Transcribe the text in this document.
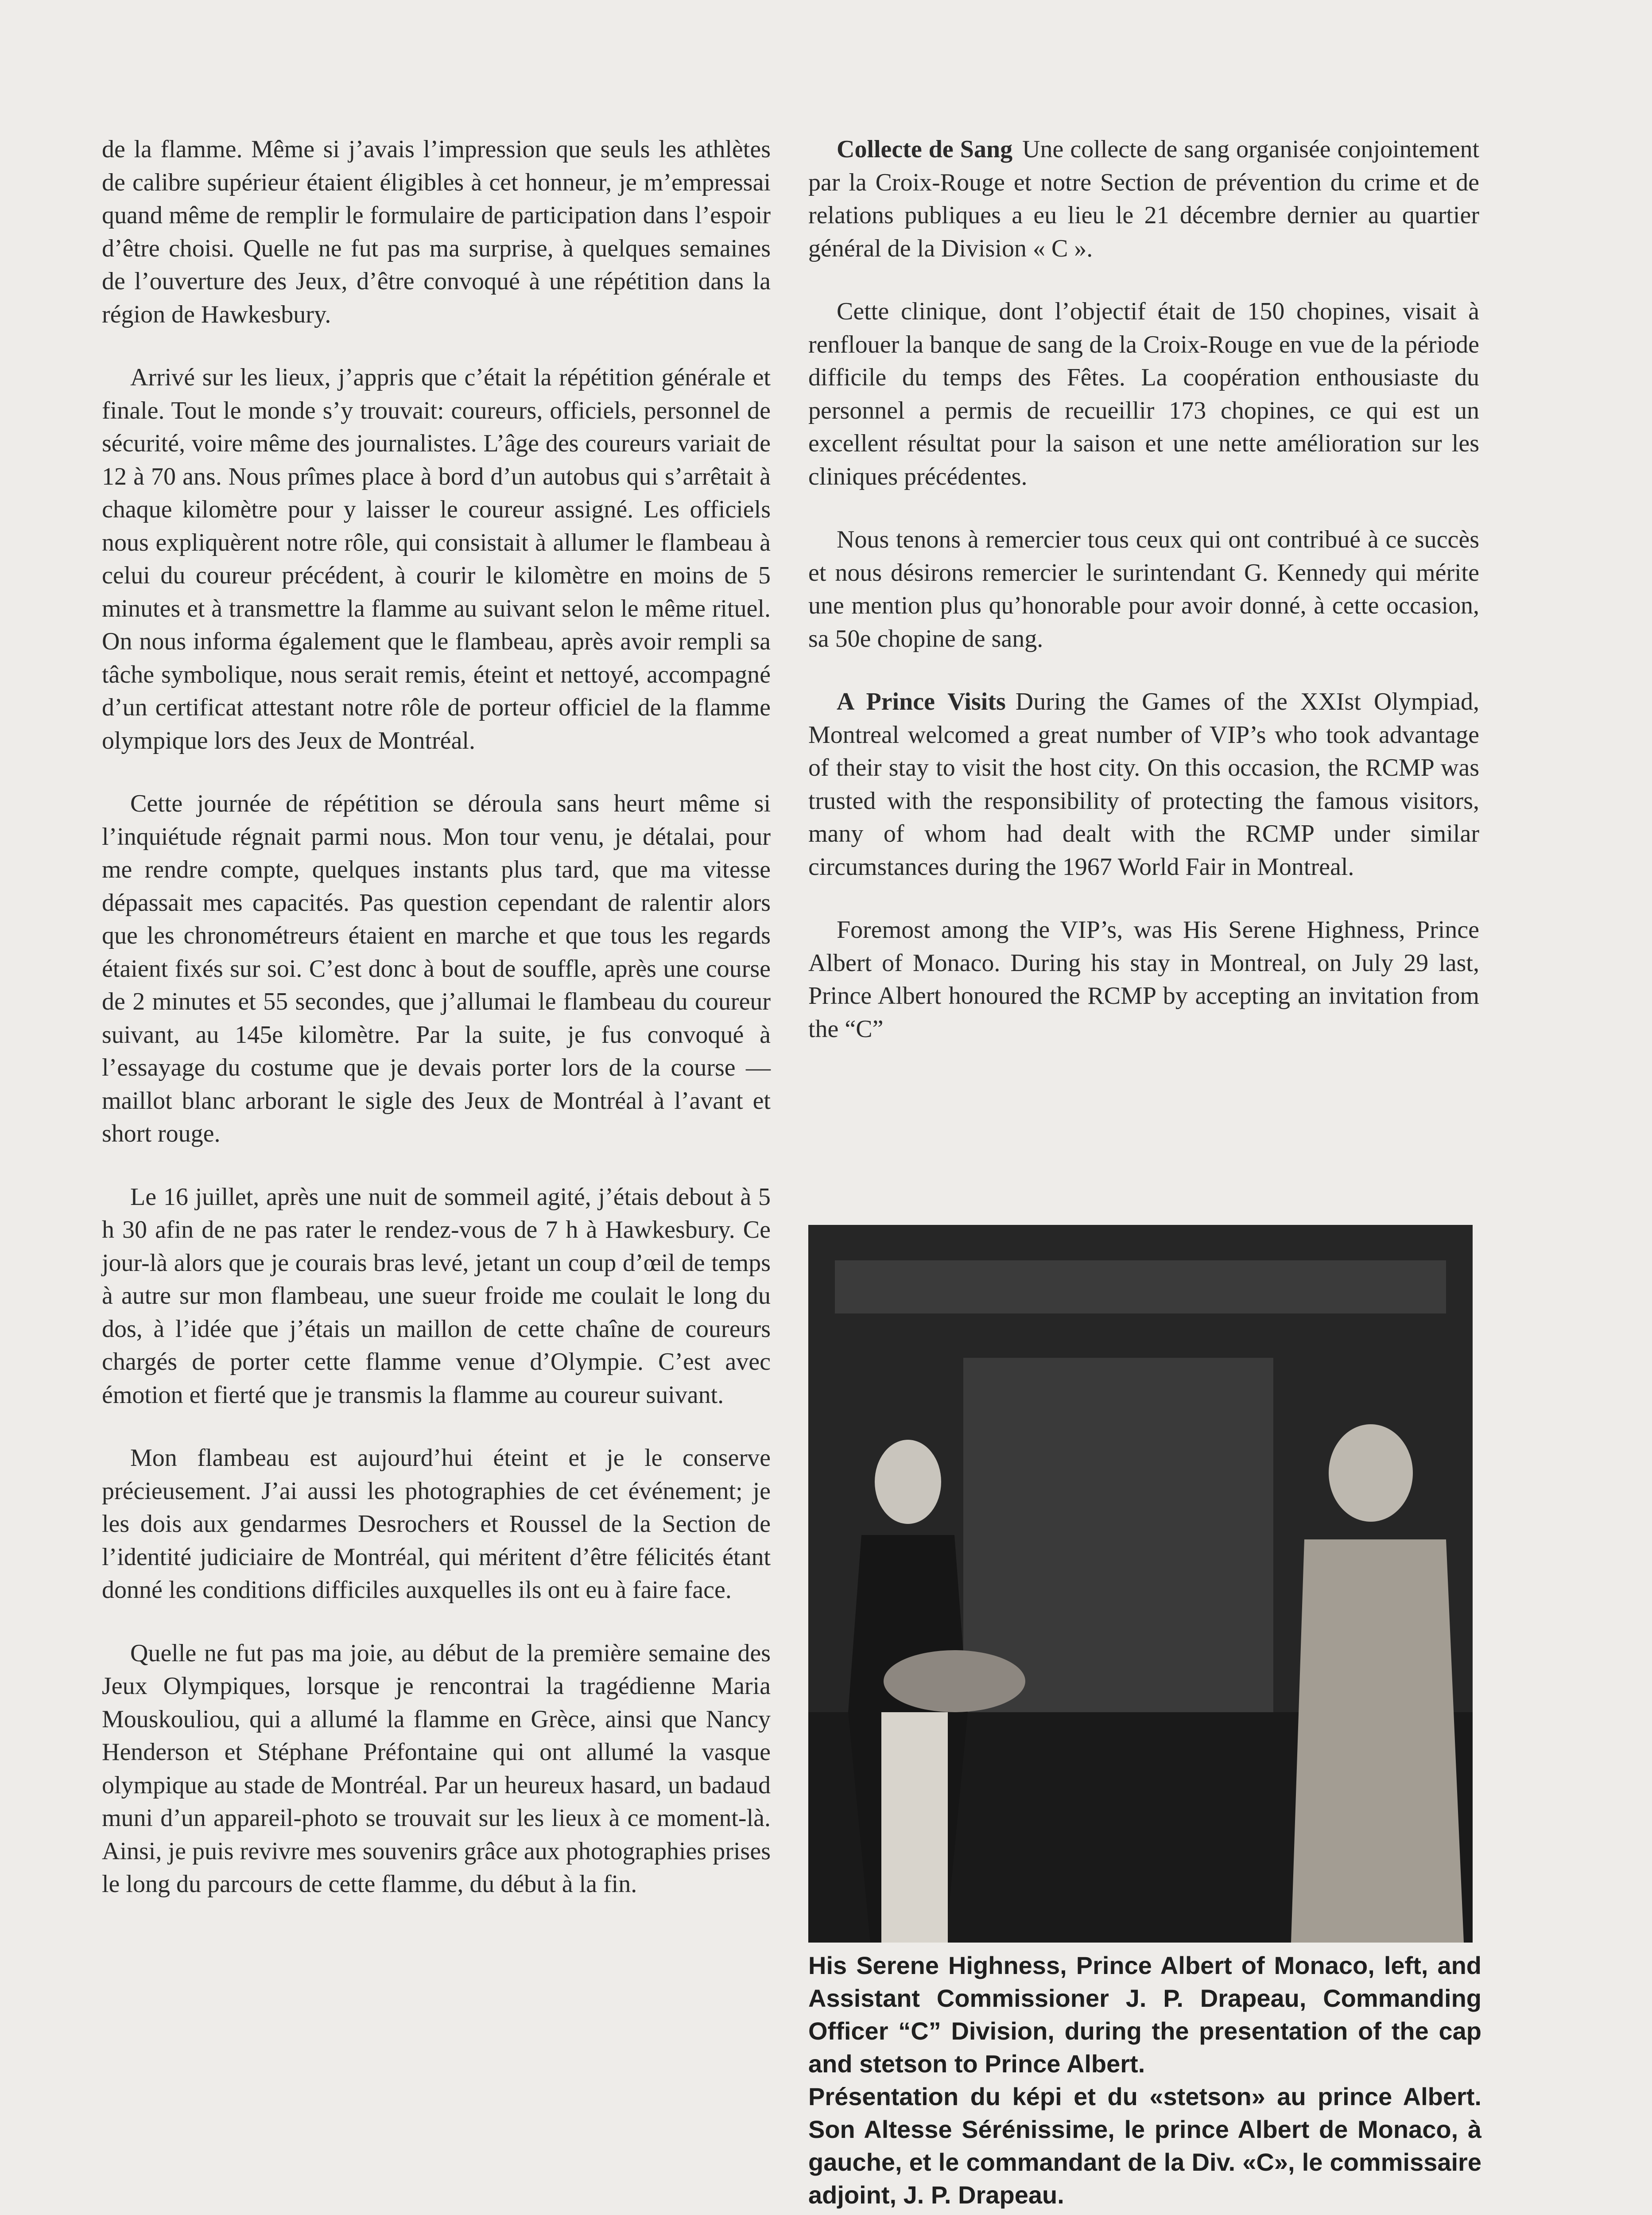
de la flamme. Même si j’avais l’impression que seuls les athlètes de calibre supérieur étaient éligibles à cet honneur, je m’empressai quand même de remplir le formulaire de participation dans l’espoir d’être choisi. Quelle ne fut pas ma surprise, à quelques semaines de l’ouverture des Jeux, d’être convoqué à une répétition dans la région de Hawkesbury.

Arrivé sur les lieux, j’appris que c’était la répétition générale et finale. Tout le monde s’y trouvait: coureurs, officiels, personnel de sécurité, voire même des journalistes. L’âge des coureurs variait de 12 à 70 ans. Nous prîmes place à bord d’un autobus qui s’arrêtait à chaque kilomètre pour y laisser le coureur assigné. Les officiels nous expliquèrent notre rôle, qui consistait à allumer le flambeau à celui du coureur précédent, à courir le kilomètre en moins de 5 minutes et à transmettre la flamme au suivant selon le même rituel. On nous informa également que le flambeau, après avoir rempli sa tâche symbolique, nous serait remis, éteint et nettoyé, accompagné d’un certificat attestant notre rôle de porteur officiel de la flamme olympique lors des Jeux de Montréal.

Cette journée de répétition se déroula sans heurt même si l’inquiétude régnait parmi nous. Mon tour venu, je détalai, pour me rendre compte, quelques instants plus tard, que ma vitesse dépassait mes capacités. Pas question cependant de ralentir alors que les chronométreurs étaient en marche et que tous les regards étaient fixés sur soi. C’est donc à bout de souffle, après une course de 2 minutes et 55 secondes, que j’allumai le flambeau du coureur suivant, au 145e kilomètre. Par la suite, je fus convoqué à l’essayage du costume que je devais porter lors de la course — maillot blanc arborant le sigle des Jeux de Montréal à l’avant et short rouge.

Le 16 juillet, après une nuit de sommeil agité, j’étais debout à 5 h 30 afin de ne pas rater le rendez-vous de 7 h à Hawkesbury. Ce jour-là alors que je courais bras levé, jetant un coup d’œil de temps à autre sur mon flambeau, une sueur froide me coulait le long du dos, à l’idée que j’étais un maillon de cette chaîne de coureurs chargés de porter cette flamme venue d’Olympie. C’est avec émotion et fierté que je transmis la flamme au coureur suivant.

Mon flambeau est aujourd’hui éteint et je le conserve précieusement. J’ai aussi les photographies de cet événement; je les dois aux gendarmes Desrochers et Roussel de la Section de l’identité judiciaire de Montréal, qui méritent d’être félicités étant donné les conditions difficiles auxquelles ils ont eu à faire face.

Quelle ne fut pas ma joie, au début de la première semaine des Jeux Olympiques, lorsque je rencontrai la tragédienne Maria Mouskouliou, qui a allumé la flamme en Grèce, ainsi que Nancy Henderson et Stéphane Préfontaine qui ont allumé la vasque olympique au stade de Montréal. Par un heureux hasard, un badaud muni d’un appareil-photo se trouvait sur les lieux à ce moment-là. Ainsi, je puis revivre mes souvenirs grâce aux photographies prises le long du parcours de cette flamme, du début à la fin.

Collecte de Sang Une collecte de sang organisée conjointement par la Croix-Rouge et notre Section de prévention du crime et de relations publiques a eu lieu le 21 décembre dernier au quartier général de la Division « C ».

Cette clinique, dont l’objectif était de 150 chopines, visait à renflouer la banque de sang de la Croix-Rouge en vue de la période difficile du temps des Fêtes. La coopération enthousiaste du personnel a permis de recueillir 173 chopines, ce qui est un excellent résultat pour la saison et une nette amélioration sur les cliniques précédentes.

Nous tenons à remercier tous ceux qui ont contribué à ce succès et nous désirons remercier le surintendant G. Kennedy qui mérite une mention plus qu’honorable pour avoir donné, à cette occasion, sa 50e chopine de sang.

A Prince Visits During the Games of the XXIst Olympiad, Montreal welcomed a great number of VIP’s who took advantage of their stay to visit the host city. On this occasion, the RCMP was trusted with the responsibility of protecting the famous visitors, many of whom had dealt with the RCMP under similar circumstances during the 1967 World Fair in Montreal.

Foremost among the VIP’s, was His Serene Highness, Prince Albert of Monaco. During his stay in Montreal, on July 29 last, Prince Albert honoured the RCMP by accepting an invitation from the “C”

His Serene Highness, Prince Albert of Monaco, left, and Assistant Commissioner J. P. Drapeau, Commanding Officer “C” Division, during the presentation of the cap and stetson to Prince Albert.

Présentation du képi et du «stetson» au prince Albert. Son Altesse Sérénissime, le prince Albert de Monaco, à gauche, et le commandant de la Div. «C», le commissaire adjoint, J. P. Drapeau.
